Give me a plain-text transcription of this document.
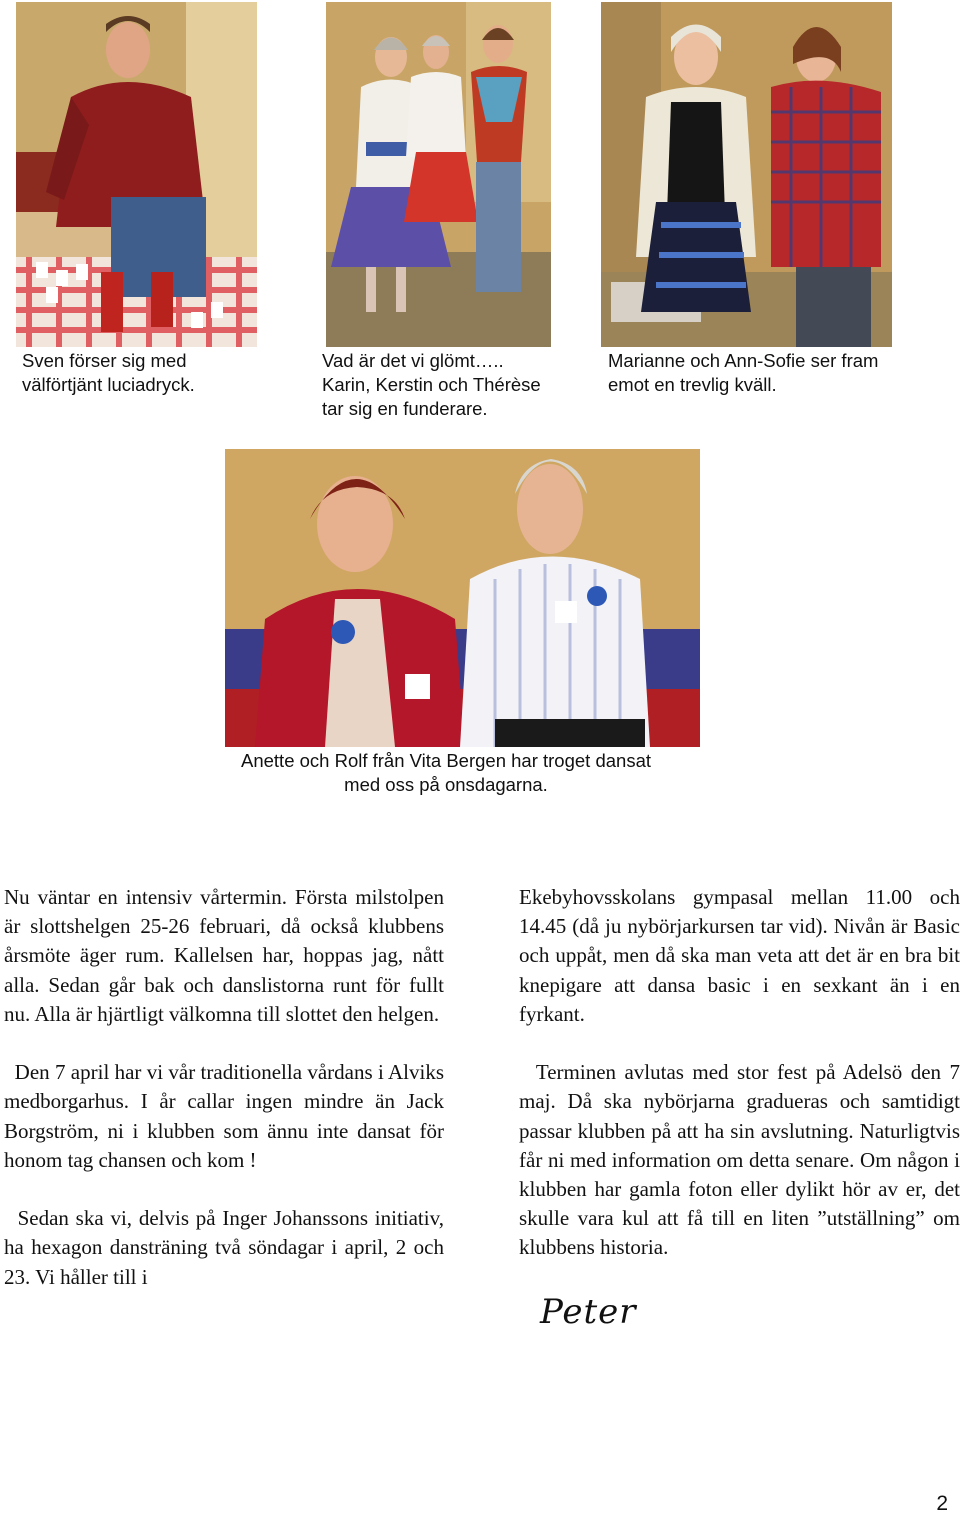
Sven förser sig med
välförtjänt luciadryck.
Vad är det vi glömt…..
Karin, Kerstin och Thérèse
tar sig en funderare.
Marianne och Ann-Sofie ser fram
emot en trevlig kväll.
Anette och Rolf från Vita Bergen har troget dansat
med oss på onsdagarna.

Nu väntar en intensiv vårtermin. Första milstolpen är slottshelgen 25-26 februari, då också klubbens årsmöte äger rum. Kallelsen har, hoppas jag, nått alla. Sedan går bak och danslistorna runt för fullt nu. Alla är hjärtligt välkomna till slottet den helgen.

Den 7 april har vi vår traditionella vårdans i Alviks medborgarhus. I år callar ingen mindre än Jack Borgström, ni i klubben som ännu inte dansat för honom tag chansen och kom !

Sedan ska vi, delvis på Inger Johanssons initiativ, ha hexagon dansträning två söndagar i april, 2 och 23. Vi håller till i

Ekebyhovsskolans gympasal mellan 11.00 och 14.45 (då ju nybörjarkursen tar vid). Nivån är Basic och uppåt, men då ska man veta att det är en bra bit knepigare att dansa basic i en sexkant än i en fyrkant.

Terminen avlutas med stor fest på Adelsö den 7 maj. Då ska nybörjarna gradueras och samtidigt passar klubben på att ha sin avslutning. Naturligtvis får ni med information om detta senare. Om någon i klubben har gamla foton eller dylikt hör av er, det skulle vara kul att få till en liten ”utställning” om klubbens historia.

Peter
2
